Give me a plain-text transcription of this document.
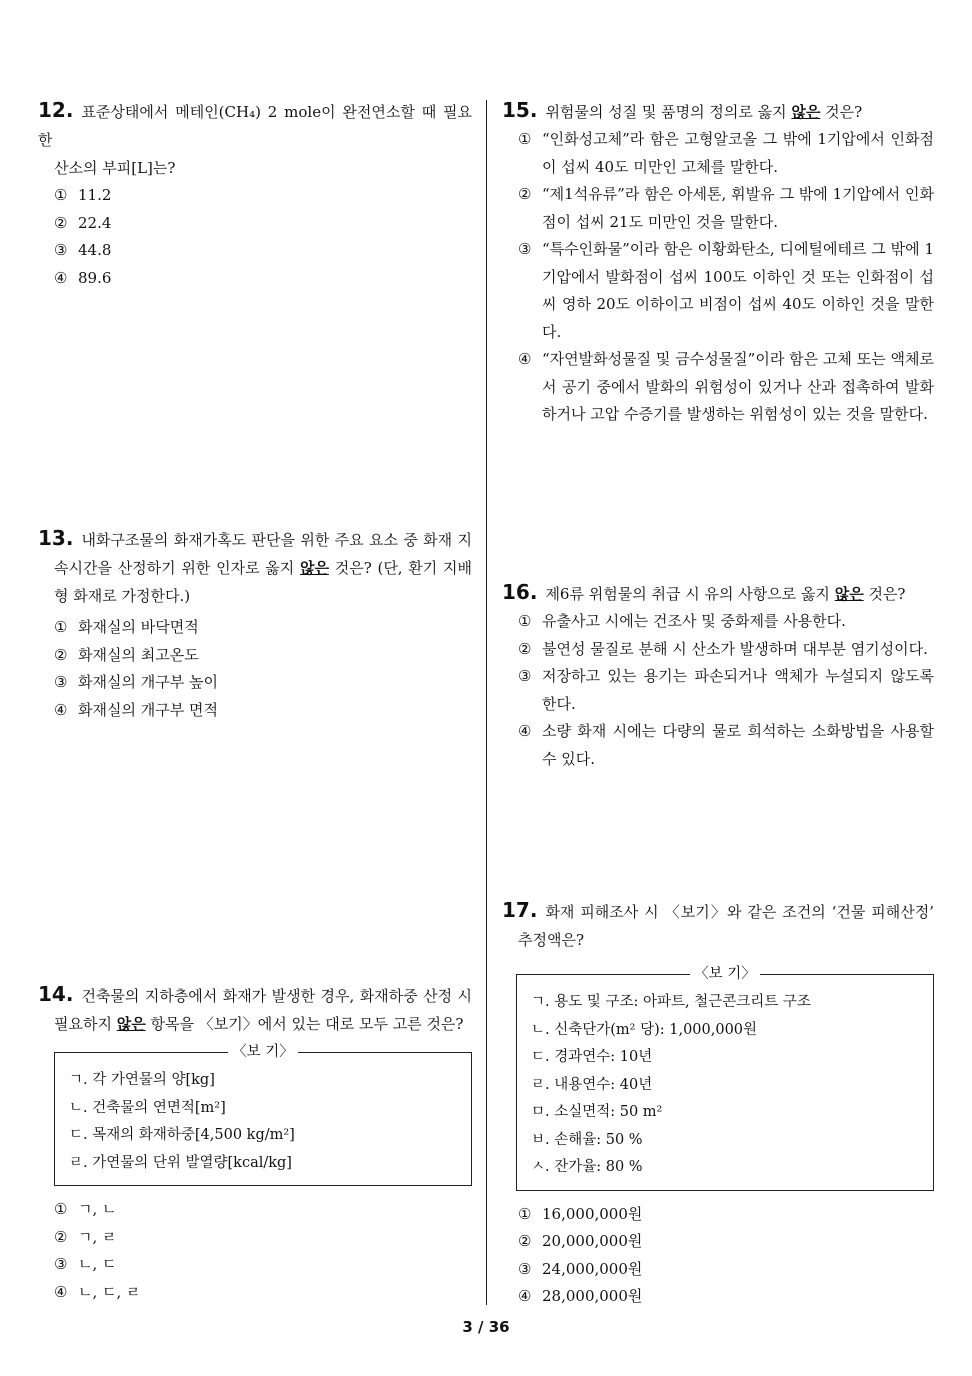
12. 표준상태에서 메테인(CH₄) 2 mole이 완전연소할 때 필요한
산소의 부피[L]는?
① 11.2
② 22.4
③ 44.8
④ 89.6
13. 내화구조물의 화재가혹도 판단을 위한 주요 요소 중 화재 지속시간을 산정하기 위한 인자로 옳지 않은 것은? (단, 환기 지배형 화재로 가정한다.)
① 화재실의 바닥면적
② 화재실의 최고온도
③ 화재실의 개구부 높이
④ 화재실의 개구부 면적
14. 건축물의 지하층에서 화재가 발생한 경우, 화재하중 산정 시 필요하지 않은 항목을 〈보기〉에서 있는 대로 모두 고른 것은?
〈보 기〉
ㄱ. 각 가연물의 양[kg]
ㄴ. 건축물의 연면적[m²]
ㄷ. 목재의 화재하중[4,500 kg/m²]
ㄹ. 가연물의 단위 발열량[kcal/kg]
① ㄱ, ㄴ
② ㄱ, ㄹ
③ ㄴ, ㄷ
④ ㄴ, ㄷ, ㄹ
15. 위험물의 성질 및 품명의 정의로 옳지 않은 것은?
① “인화성고체”라 함은 고형알코올 그 밖에 1기압에서 인화점이 섭씨 40도 미만인 고체를 말한다.
② “제1석유류”라 함은 아세톤, 휘발유 그 밖에 1기압에서 인화점이 섭씨 21도 미만인 것을 말한다.
③ “특수인화물”이라 함은 이황화탄소, 디에틸에테르 그 밖에 1기압에서 발화점이 섭씨 100도 이하인 것 또는 인화점이 섭씨 영하 20도 이하이고 비점이 섭씨 40도 이하인 것을 말한다.
④ “자연발화성물질 및 금수성물질”이라 함은 고체 또는 액체로서 공기 중에서 발화의 위험성이 있거나 산과 접촉하여 발화하거나 고압 수증기를 발생하는 위험성이 있는 것을 말한다.
16. 제6류 위험물의 취급 시 유의 사항으로 옳지 않은 것은?
① 유출사고 시에는 건조사 및 중화제를 사용한다.
② 불연성 물질로 분해 시 산소가 발생하며 대부분 염기성이다.
③ 저장하고 있는 용기는 파손되거나 액체가 누설되지 않도록 한다.
④ 소량 화재 시에는 다량의 물로 희석하는 소화방법을 사용할 수 있다.
17. 화재 피해조사 시 〈보기〉와 같은 조건의 ‘건물 피해산정’ 추정액은?
〈보 기〉
ㄱ. 용도 및 구조: 아파트, 철근콘크리트 구조
ㄴ. 신축단가(m² 당): 1,000,000원
ㄷ. 경과연수: 10년
ㄹ. 내용연수: 40년
ㅁ. 소실면적: 50 m²
ㅂ. 손해율: 50 %
ㅅ. 잔가율: 80 %
① 16,000,000원
② 20,000,000원
③ 24,000,000원
④ 28,000,000원
3 / 36
